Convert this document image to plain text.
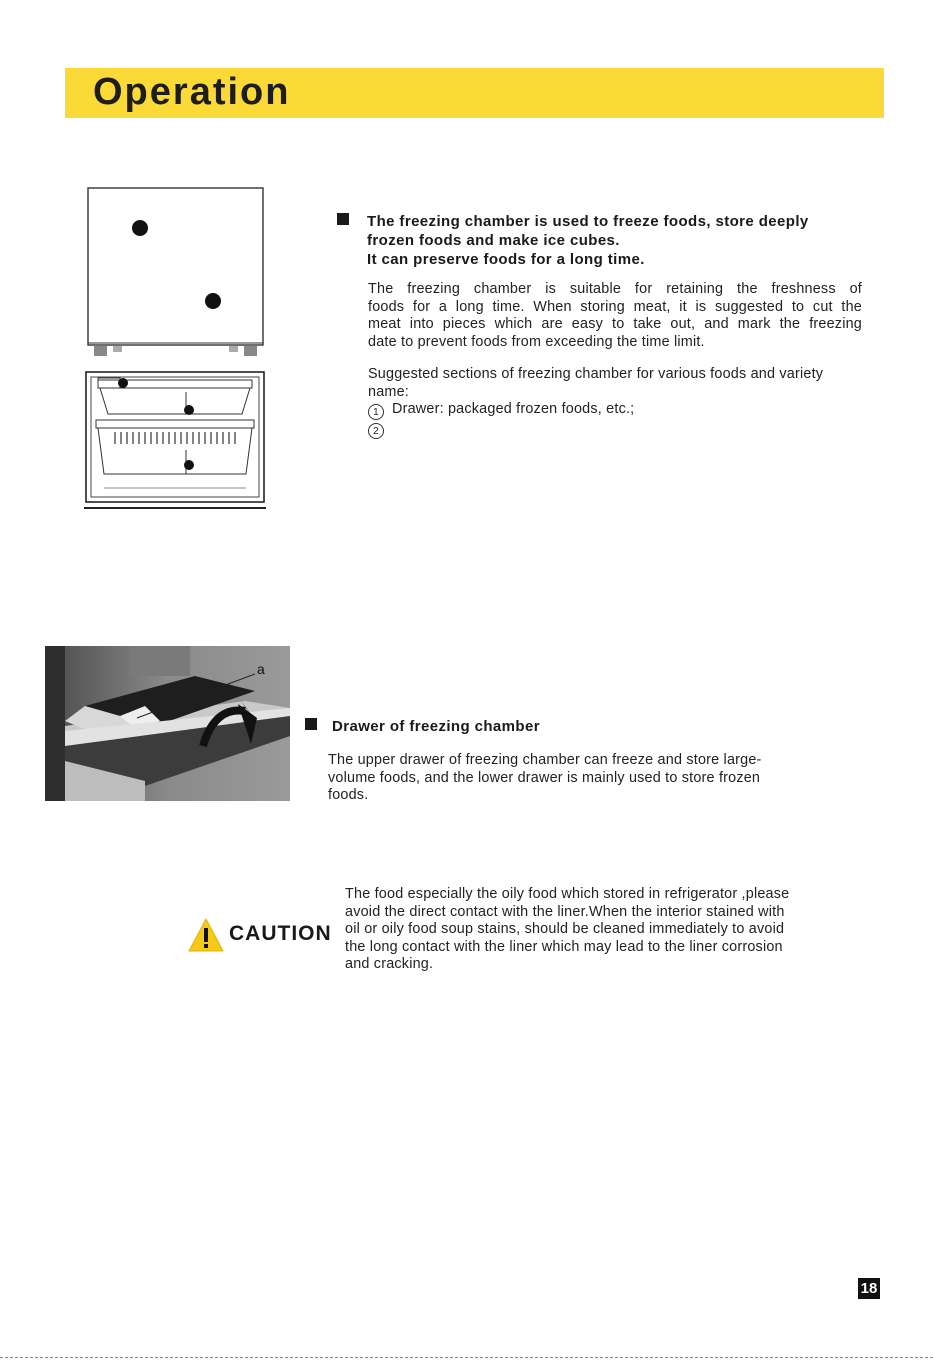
Operation
The freezing chamber is used to freeze foods, store deeply
frozen foods and make ice cubes.
It can preserve foods for a long time.
The freezing chamber is suitable for retaining the freshness of
foods for a long time. When storing meat, it is suggested to cut the
meat into pieces which are easy to take out, and mark the freezing
date to prevent foods from exceeding the time limit.
Suggested sections of freezing chamber for various foods and variety
name:
1 Drawer: packaged frozen foods, etc.;
2
a
Drawer of freezing chamber
The upper drawer of freezing chamber can freeze and store large-
volume foods, and the lower drawer is mainly used to store frozen
foods.
CAUTION
The food especially the oily food which stored in refrigerator ,please
avoid the direct contact with the liner.When the interior stained with
oil or oily food soup stains, should be cleaned immediately to avoid
the long contact with the liner which may lead to the liner corrosion
and cracking.
18
